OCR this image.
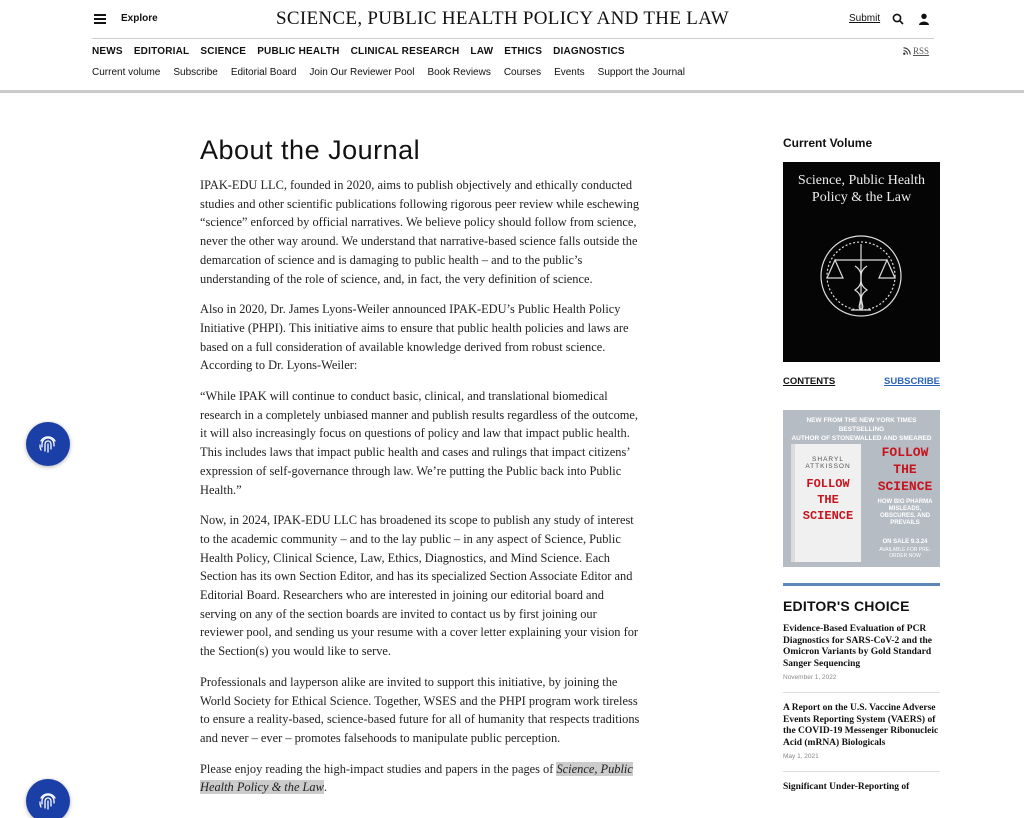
Explore	SCIENCE, PUBLIC HEALTH POLICY AND THE LAW	Submit
NEWS EDITORIAL SCIENCE PUBLIC HEALTH CLINICAL RESEARCH LAW ETHICS DIAGNOSTICS	RSS
Current volume Subscribe Editorial Board Join Our Reviewer Pool Book Reviews Courses Events Support the Journal
About the Journal

IPAK-EDU LLC, founded in 2020, aims to publish objectively and ethically conducted studies and other scientific publications following rigorous peer review while eschewing “science” enforced by official narratives. We believe policy should follow from science, never the other way around. We understand that narrative-based science falls outside the demarcation of science and is damaging to public health – and to the public’s understanding of the role of science, and, in fact, the very definition of science.

Also in 2020, Dr. James Lyons-Weiler announced IPAK-EDU’s Public Health Policy Initiative (PHPI). This initiative aims to ensure that public health policies and laws are based on a full consideration of available knowledge derived from robust science. According to Dr. Lyons-Weiler:

“While IPAK will continue to conduct basic, clinical, and translational biomedical research in a completely unbiased manner and publish results regardless of the outcome, it will also increasingly focus on questions of policy and law that impact public health. This includes laws that impact public health and cases and rulings that impact citizens’ expression of self-governance through law. We’re putting the Public back into Public Health.”

Now, in 2024, IPAK-EDU LLC has broadened its scope to publish any study of interest to the academic community – and to the lay public – in any aspect of Science, Public Health Policy, Clinical Science, Law, Ethics, Diagnostics, and Mind Science. Each Section has its own Section Editor, and has its specialized Section Associate Editor and Editorial Board. Researchers who are interested in joining our editorial board and serving on any of the section boards are invited to contact us by first joining our reviewer pool, and sending us your resume with a cover letter explaining your vision for the Section(s) you would like to serve.

Professionals and layperson alike are invited to support this initiative, by joining the World Society for Ethical Science. Together, WSES and the PHPI program work tireless to ensure a reality-based, science-based future for all of humanity that respects traditions and never – ever – promotes falsehoods to manipulate public perception.

Please enjoy reading the high-impact studies and papers in the pages of Science, Public Health Policy & the Law.

Current Volume
Science, Public Health Policy & the Law
CONTENTS	SUBSCRIBE
NEW FROM THE NEW YORK TIMES BESTSELLING
AUTHOR OF STONEWALLED AND SMEARED
SHARYL ATTKISSON
FOLLOW THE SCIENCE
FOLLOW THE SCIENCE
HOW BIG PHARMA MISLEADS, OBSCURES, AND PREVAILS
ON SALE 9.3.24
AVAILABLE FOR PRE-ORDER NOW
EDITOR'S CHOICE
Evidence-Based Evaluation of PCR Diagnostics for SARS-CoV-2 and the Omicron Variants by Gold Standard Sanger Sequencing
November 1, 2022
A Report on the U.S. Vaccine Adverse Events Reporting System (VAERS) of the COVID-19 Messenger Ribonucleic Acid (mRNA) Biologicals
May 1, 2021
Significant Under-Reporting of
